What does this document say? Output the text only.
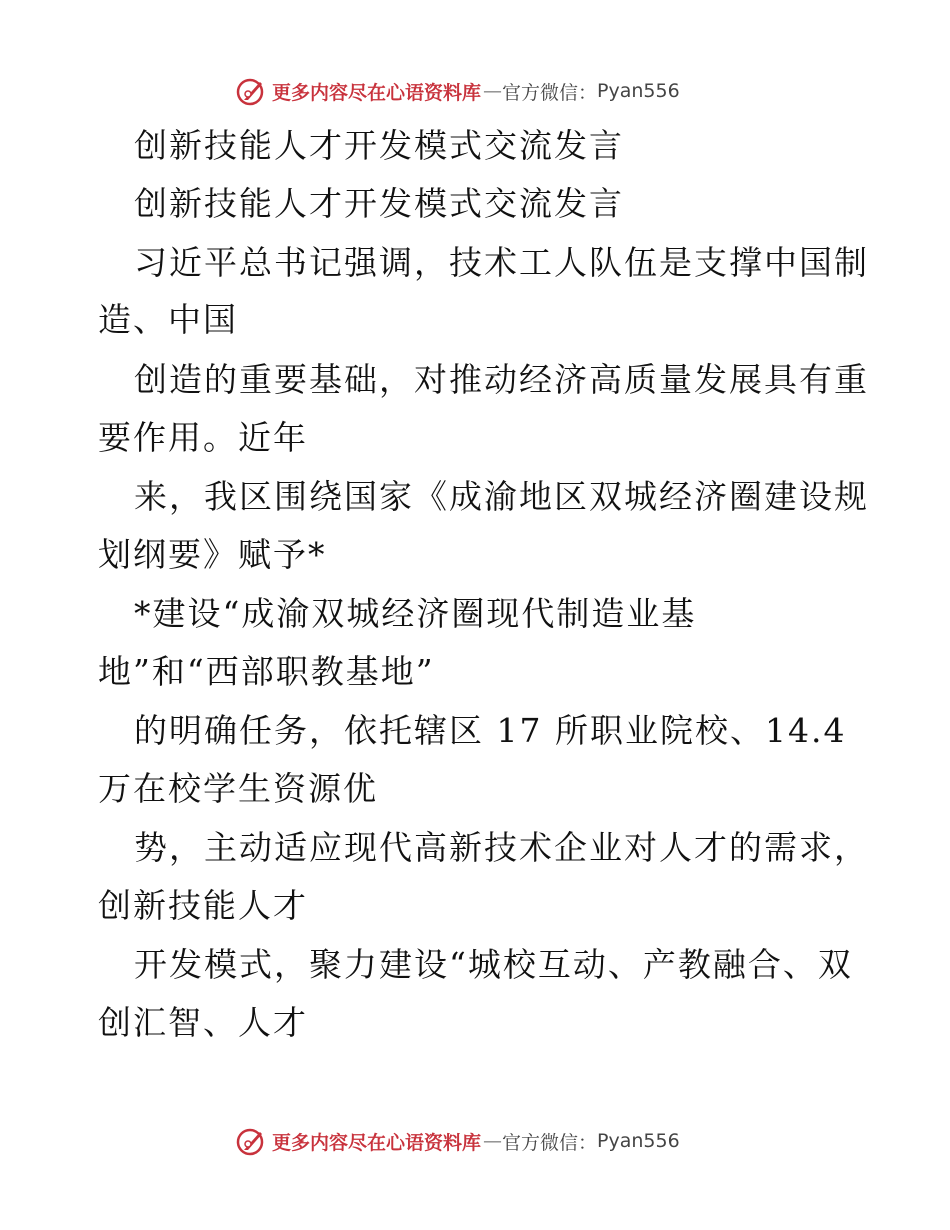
更多内容尽在心语资料库 — 官方微信： Pyan556
创新技能人才开发模式交流发言
创新技能人才开发模式交流发言
习近平总书记强调，技术工人队伍是支撑中国制
造、中国
创造的重要基础，对推动经济高质量发展具有重
要作用。近年
来，我区围绕国家《成渝地区双城经济圈建设规
划纲要》赋予*
*建设“成渝双城经济圈现代制造业基
地”和“西部职教基地”
的明确任务，依托辖区 17 所职业院校、14.4
万在校学生资源优
势，主动适应现代高新技术企业对人才的需求，
创新技能人才
开发模式，聚力建设“城校互动、产教融合、双
创汇智、人才
更多内容尽在心语资料库 — 官方微信： Pyan556
